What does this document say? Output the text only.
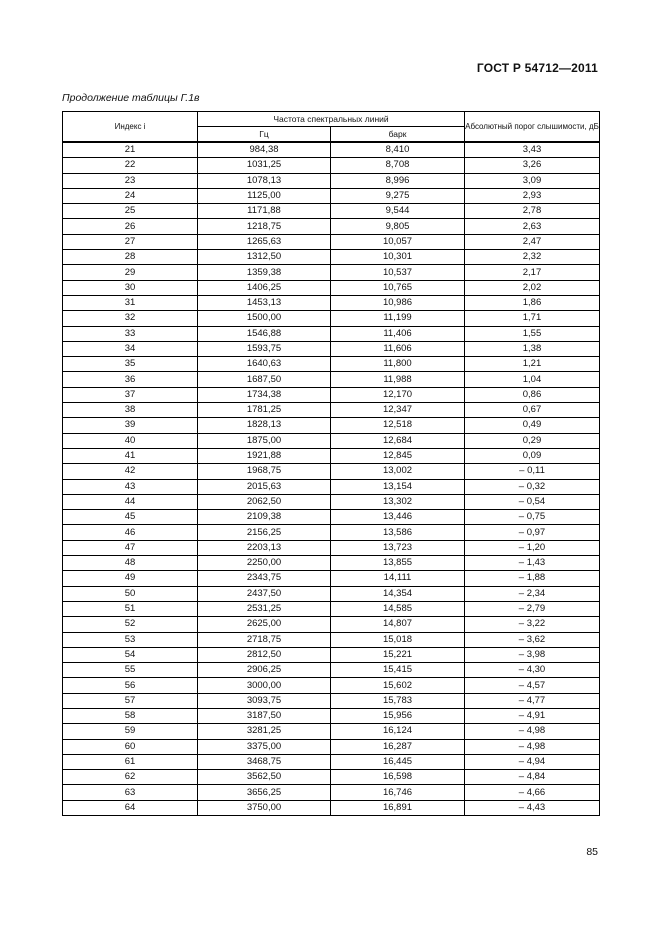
ГОСТ Р 54712—2011
Продолжение таблицы Г.1в
Индекс i	Частота спектральных линий		Абсолютный порог слышимости, дБ
	Гц	барк	
21	984,38	8,410	3,43
22	1031,25	8,708	3,26
23	1078,13	8,996	3,09
24	1125,00	9,275	2,93
25	1171,88	9,544	2,78
26	1218,75	9,805	2,63
27	1265,63	10,057	2,47
28	1312,50	10,301	2,32
29	1359,38	10,537	2,17
30	1406,25	10,765	2,02
31	1453,13	10,986	1,86
32	1500,00	11,199	1,71
33	1546,88	11,406	1,55
34	1593,75	11,606	1,38
35	1640,63	11,800	1,21
36	1687,50	11,988	1,04
37	1734,38	12,170	0,86
38	1781,25	12,347	0,67
39	1828,13	12,518	0,49
40	1875,00	12,684	0,29
41	1921,88	12,845	0,09
42	1968,75	13,002	– 0,11
43	2015,63	13,154	– 0,32
44	2062,50	13,302	– 0,54
45	2109,38	13,446	– 0,75
46	2156,25	13,586	– 0,97
47	2203,13	13,723	– 1,20
48	2250,00	13,855	– 1,43
49	2343,75	14,111	– 1,88
50	2437,50	14,354	– 2,34
51	2531,25	14,585	– 2,79
52	2625,00	14,807	– 3,22
53	2718,75	15,018	– 3,62
54	2812,50	15,221	– 3,98
55	2906,25	15,415	– 4,30
56	3000,00	15,602	– 4,57
57	3093,75	15,783	– 4,77
58	3187,50	15,956	– 4,91
59	3281,25	16,124	– 4,98
60	3375,00	16,287	– 4,98
61	3468,75	16,445	– 4,94
62	3562,50	16,598	– 4,84
63	3656,25	16,746	– 4,66
64	3750,00	16,891	– 4,43
85
